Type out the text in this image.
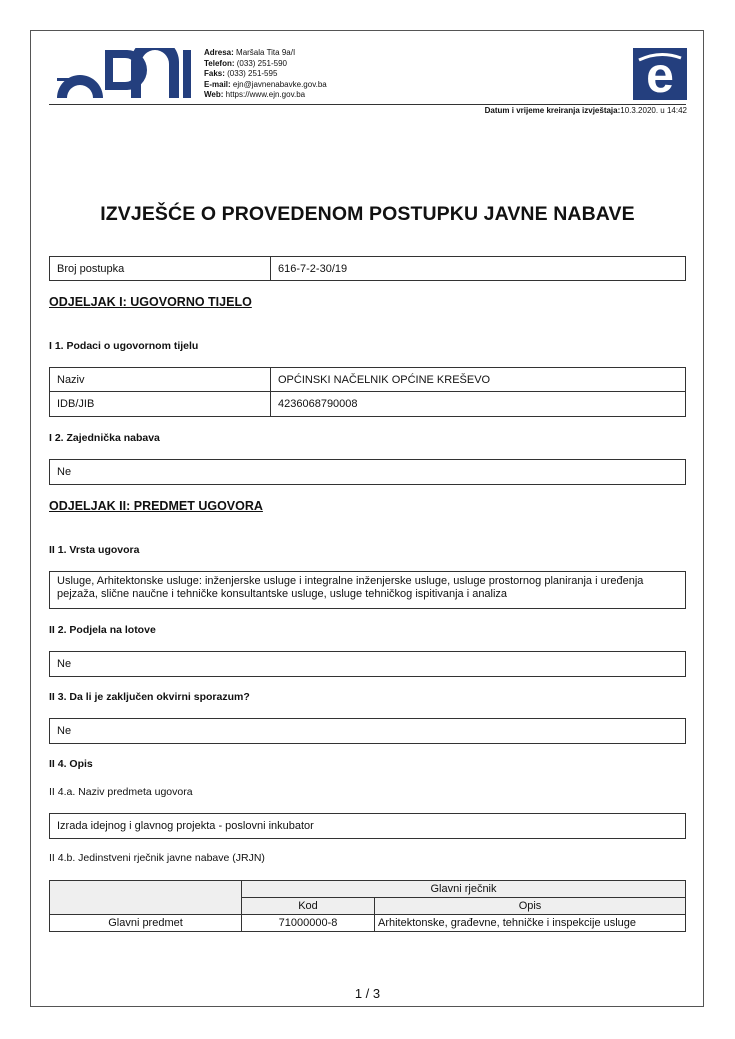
Adresa: Maršala Tita 9a/I
Telefon: (033) 251-590
Faks: (033) 251-595
E-mail: ejn@javnenabavke.gov.ba
Web: https://www.ejn.gov.ba	e
Datum i vrijeme kreiranja izvještaja:10.3.2020. u 14:42
IZVJEŠĆE O PROVEDENOM POSTUPKU JAVNE NABAVE
Broj postupka	616-7-2-30/19
ODJELJAK I: UGOVORNO TIJELO
I 1. Podaci o ugovornom tijelu
Naziv	OPĆINSKI NAČELNIK OPĆINE KREŠEVO
IDB/JIB	4236068790008
I 2. Zajednička nabava
Ne
ODJELJAK II: PREDMET UGOVORA
II 1. Vrsta ugovora
Usluge, Arhitektonske usluge: inženjerske usluge i integralne inženjerske usluge, usluge prostornog planiranja i uređenja pejzaža, slične naučne i tehničke konsultantske usluge, usluge tehničkog ispitivanja i analiza
II 2. Podjela na lotove
Ne
II 3. Da li je zaključen okvirni sporazum?
Ne
II 4. Opis
II 4.a. Naziv predmeta ugovora
Izrada idejnog i glavnog projekta - poslovni inkubator
II 4.b. Jedinstveni rječnik javne nabave (JRJN)
	Glavni rječnik	
	Kod	Opis
Glavni predmet	71000000-8	Arhitektonske, građevne, tehničke i inspekcije usluge
1 / 3
